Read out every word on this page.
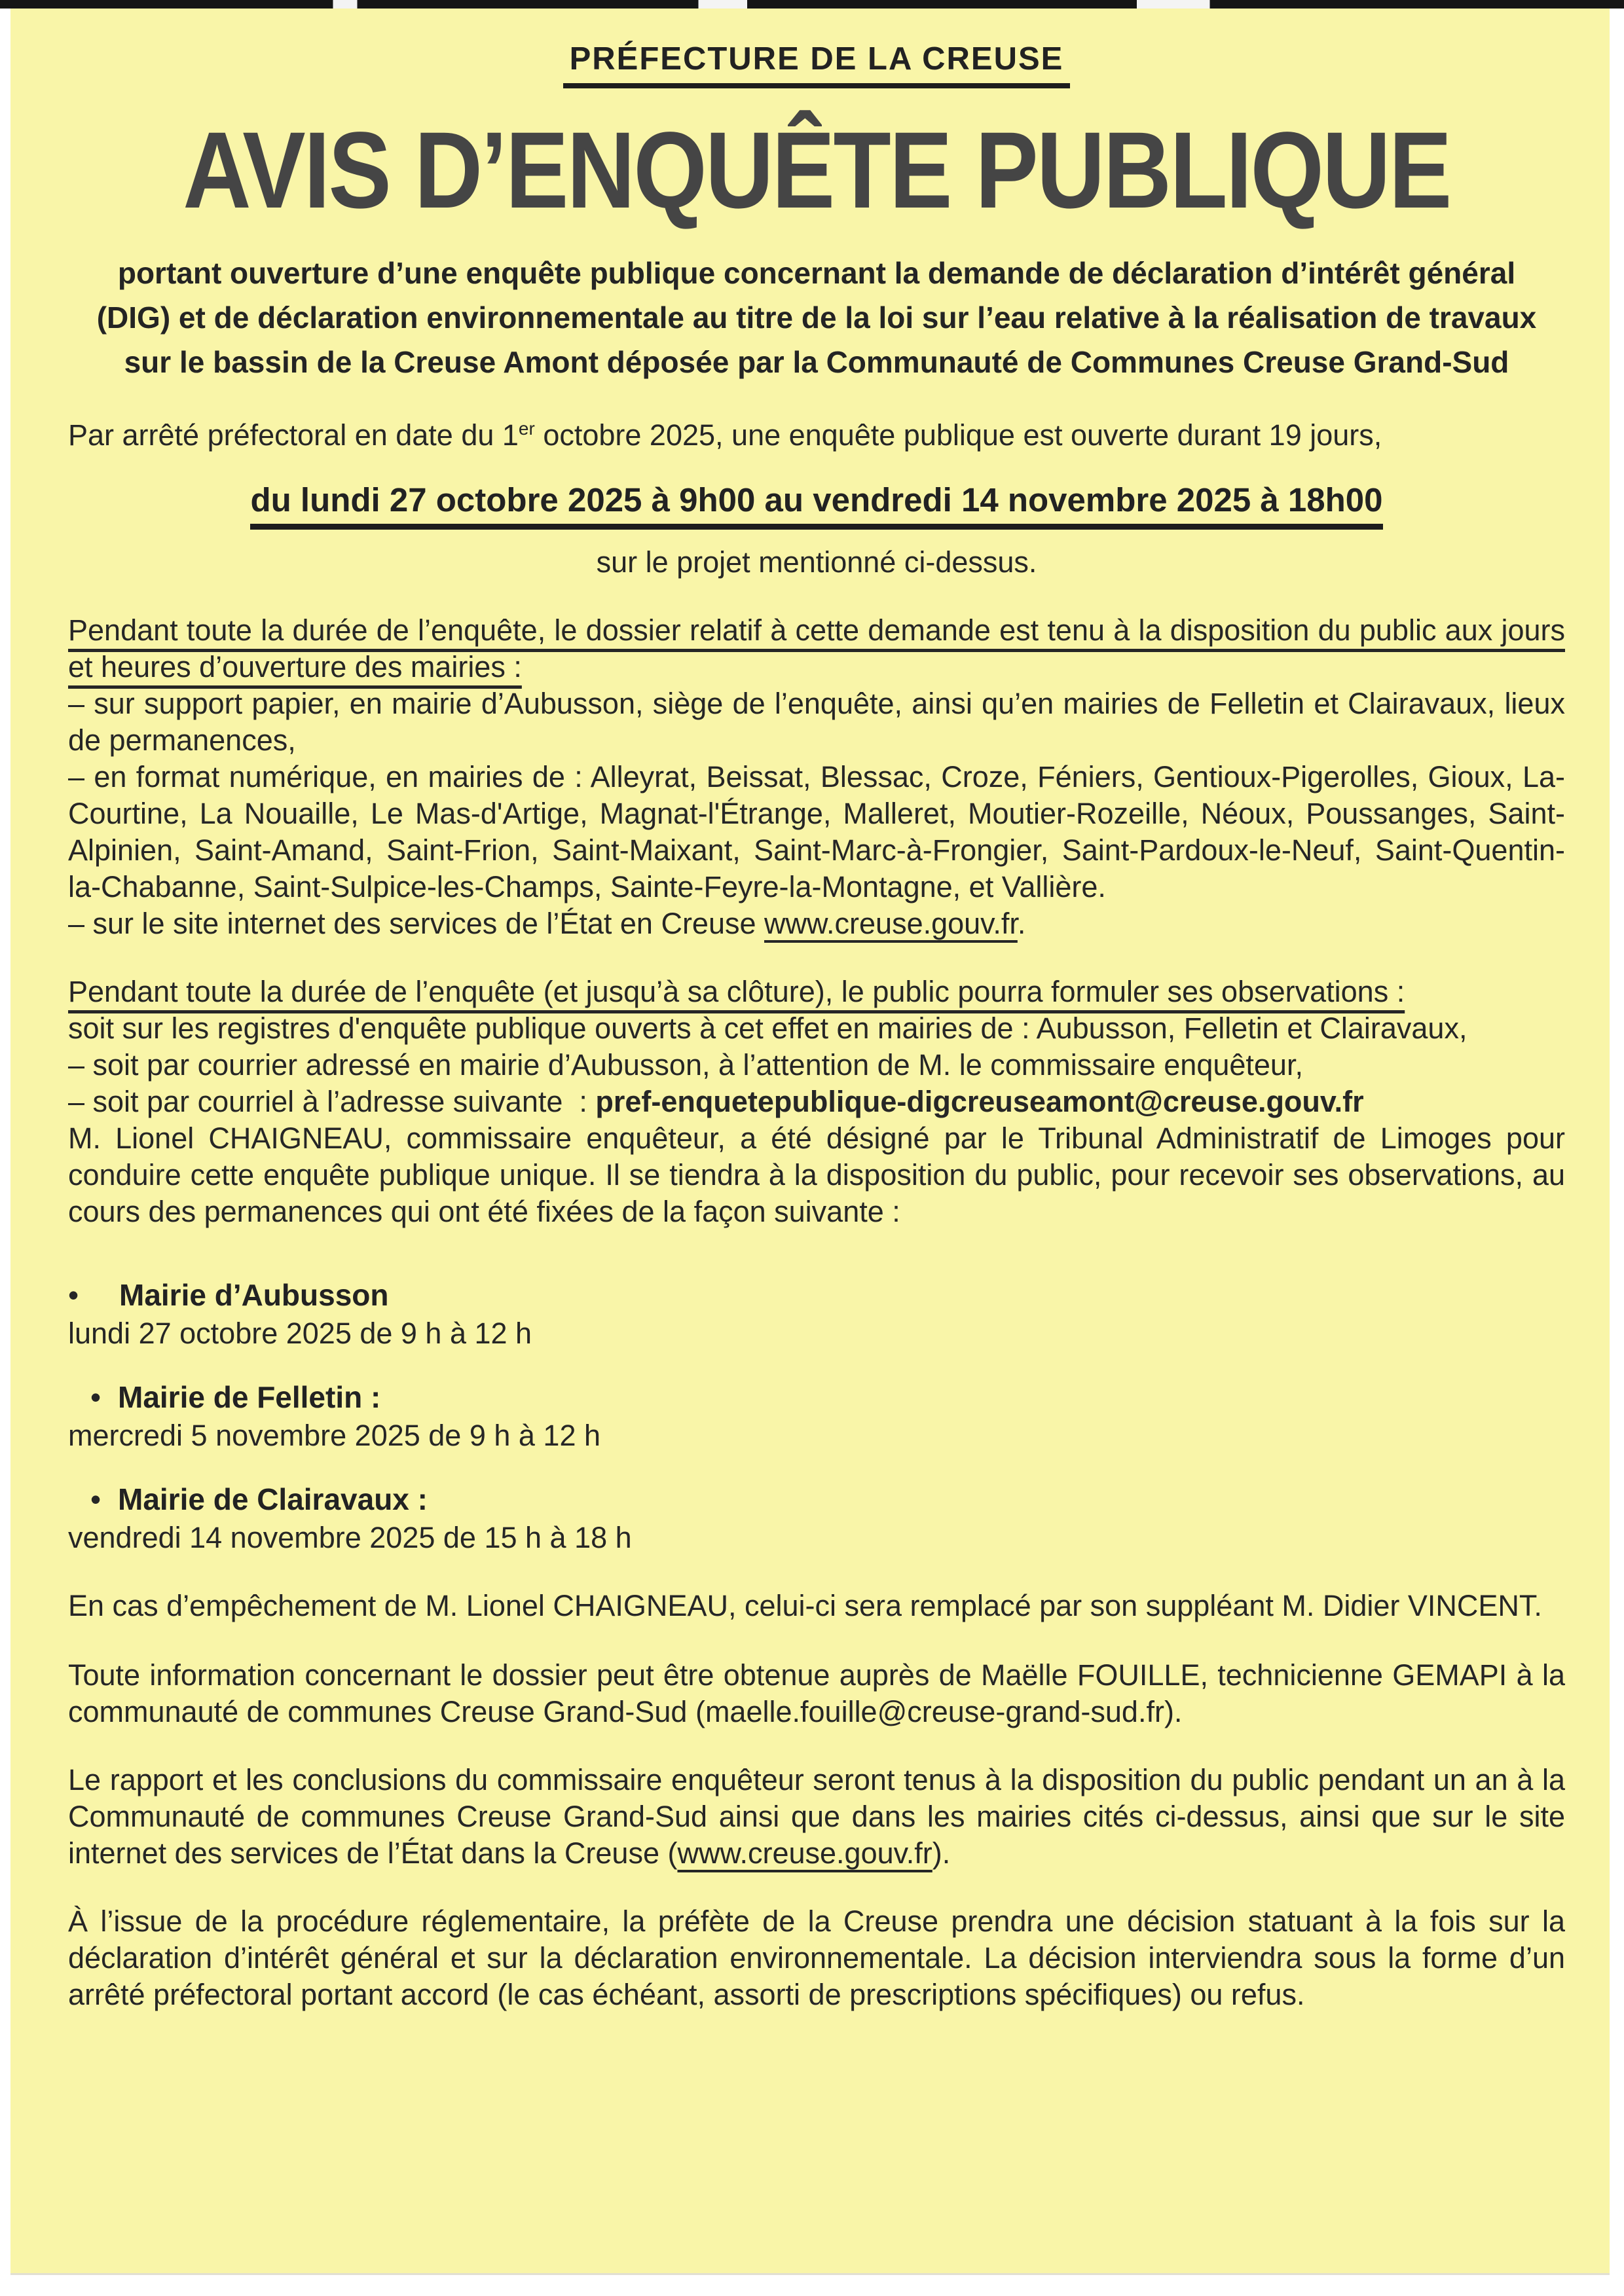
PRÉFECTURE DE LA CREUSE
AVIS D’ENQUÊTE PUBLIQUE
portant ouverture d’une enquête publique concernant la demande de déclaration d’intérêt général
(DIG) et de déclaration environnementale au titre de la loi sur l’eau relative à la réalisation de travaux
sur le bassin de la Creuse Amont déposée par la Communauté de Communes Creuse Grand-Sud
Par arrêté préfectoral en date du 1er octobre 2025, une enquête publique est ouverte durant 19 jours,
du lundi 27 octobre 2025 à 9h00 au vendredi 14 novembre 2025 à 18h00
sur le projet mentionné ci-dessus.
Pendant toute la durée de l’enquête, le dossier relatif à cette demande est tenu à la disposition du public aux jours et heures d’ouverture des mairies :
– sur support papier, en mairie d’Aubusson, siège de l’enquête, ainsi qu’en mairies de Felletin et Clairavaux, lieux de permanences,
– en format numérique, en mairies de : Alleyrat, Beissat, Blessac, Croze, Féniers, Gentioux-Pigerolles, Gioux, La-Courtine, La Nouaille, Le Mas-d'Artige, Magnat-l'Étrange, Malleret, Moutier-Rozeille, Néoux, Poussanges, Saint-Alpinien, Saint-Amand, Saint-Frion, Saint-Maixant, Saint-Marc-à-Frongier, Saint-Pardoux-le-Neuf, Saint-Quentin-la-Chabanne, Saint-Sulpice-les-Champs, Sainte-Feyre-la-Montagne, et Vallière.
– sur le site internet des services de l’État en Creuse www.creuse.gouv.fr.
Pendant toute la durée de l’enquête (et jusqu’à sa clôture), le public pourra formuler ses observations :
soit sur les registres d'enquête publique ouverts à cet effet en mairies de : Aubusson, Felletin et Clairavaux,
– soit par courrier adressé en mairie d’Aubusson, à l’attention de M. le commissaire enquêteur,
– soit par courriel à l’adresse suivante  : pref-enquetepublique-digcreuseamont@creuse.gouv.fr
M. Lionel CHAIGNEAU, commissaire enquêteur, a été désigné par le Tribunal Administratif de Limoges pour conduire cette enquête publique unique. Il se tiendra à la disposition du public, pour recevoir ses observations, au cours des permanences qui ont été fixées de la façon suivante :
• Mairie d’Aubusson
lundi 27 octobre 2025 de 9 h à 12 h
• Mairie de Felletin :
mercredi 5 novembre 2025 de 9 h à 12 h
• Mairie de Clairavaux :
vendredi 14 novembre 2025 de 15 h à 18 h
En cas d’empêchement de M. Lionel CHAIGNEAU, celui-ci sera remplacé par son suppléant M. Didier VINCENT.
Toute information concernant le dossier peut être obtenue auprès de Maëlle FOUILLE, technicienne GEMAPI à la communauté de communes Creuse Grand-Sud (maelle.fouille@creuse-grand-sud.fr).
Le rapport et les conclusions du commissaire enquêteur seront tenus à la disposition du public pendant un an à la Communauté de communes Creuse Grand-Sud ainsi que dans les mairies cités ci-dessus, ainsi que sur le site internet des services de l’État dans la Creuse (www.creuse.gouv.fr).
À l’issue de la procédure réglementaire, la préfète de la Creuse prendra une décision statuant à la fois sur la déclaration d’intérêt général et sur la déclaration environnementale. La décision interviendra sous la forme d’un arrêté préfectoral portant accord (le cas échéant, assorti de prescriptions spécifiques) ou refus.
